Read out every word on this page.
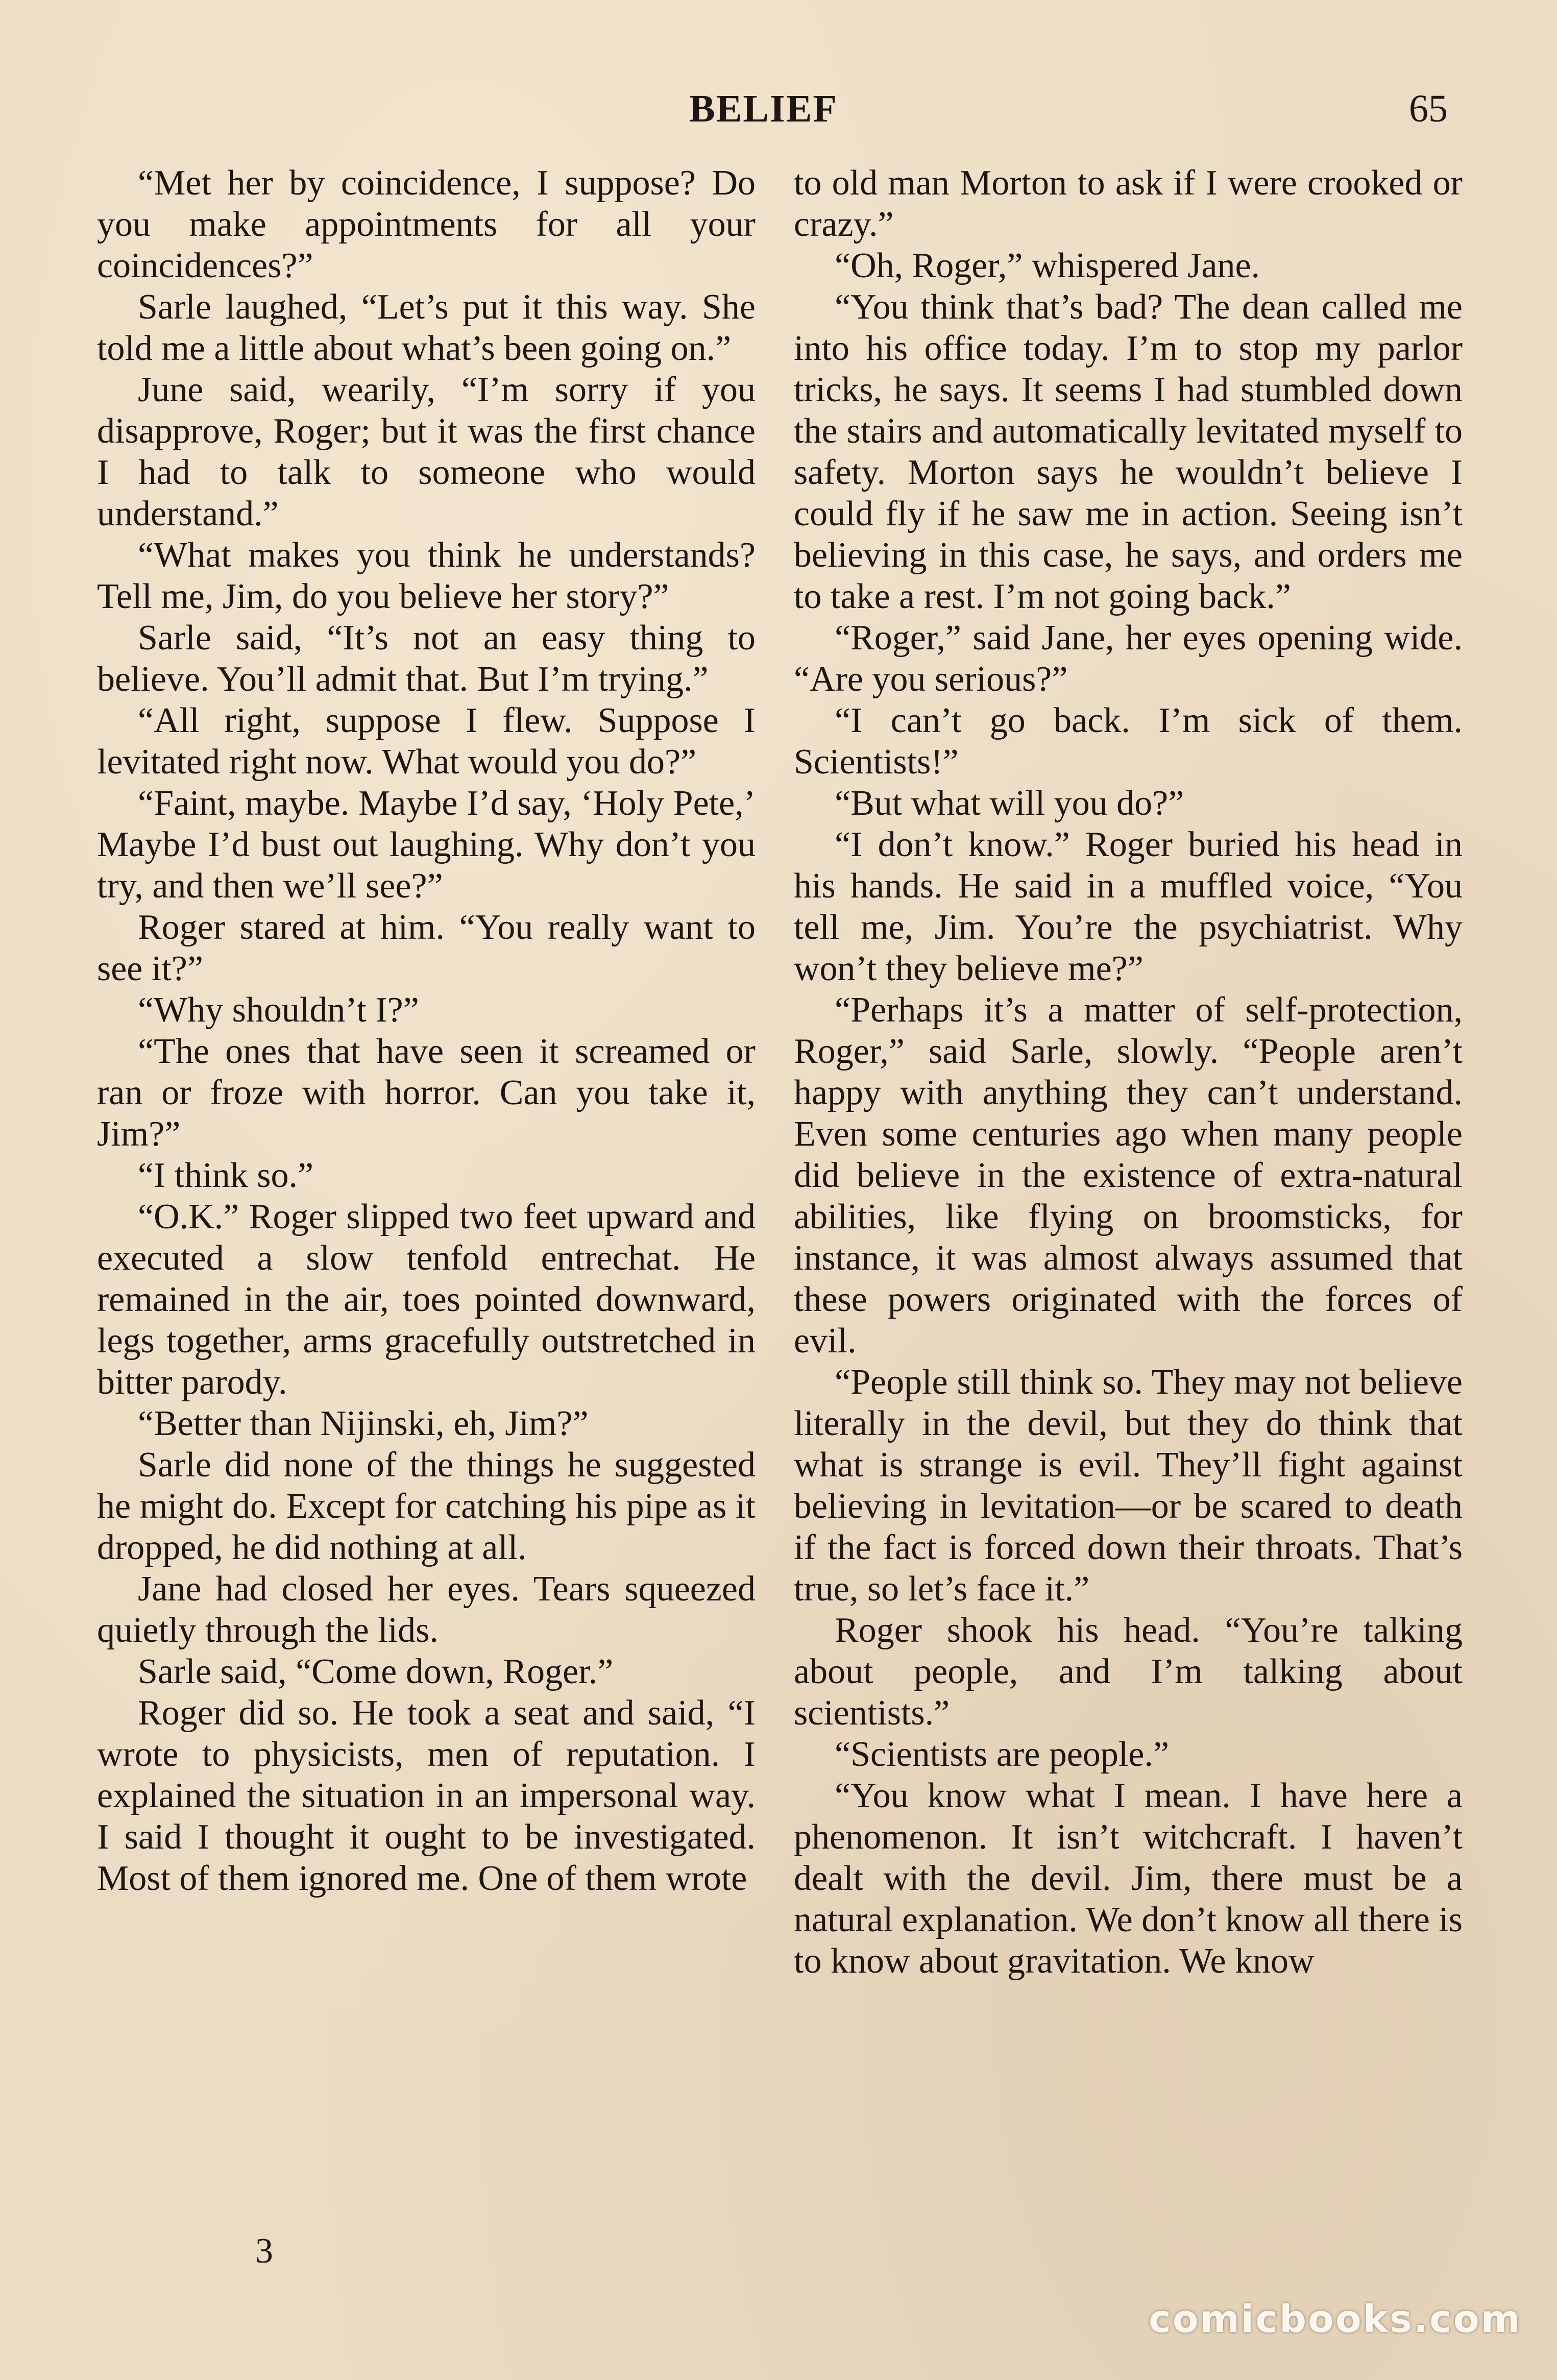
BELIEF	65

“Met her by coincidence, I suppose? Do you make appointments for all your coincidences?”

Sarle laughed, “Let’s put it this way. She told me a little about what’s been going on.”

June said, wearily, “I’m sorry if you disapprove, Roger; but it was the first chance I had to talk to someone who would understand.”

“What makes you think he understands? Tell me, Jim, do you believe her story?”

Sarle said, “It’s not an easy thing to believe. You’ll admit that. But I’m trying.”

“All right, suppose I flew. Suppose I levitated right now. What would you do?”

“Faint, maybe. Maybe I’d say, ‘Holy Pete,’ Maybe I’d bust out laughing. Why don’t you try, and then we’ll see?”

Roger stared at him. “You really want to see it?”

“Why shouldn’t I?”

“The ones that have seen it screamed or ran or froze with horror. Can you take it, Jim?”

“I think so.”

“O.K.” Roger slipped two feet upward and executed a slow tenfold entrechat. He remained in the air, toes pointed downward, legs together, arms gracefully outstretched in bitter parody.

“Better than Nijinski, eh, Jim?”

Sarle did none of the things he suggested he might do. Except for catching his pipe as it dropped, he did nothing at all.

Jane had closed her eyes. Tears squeezed quietly through the lids.

Sarle said, “Come down, Roger.”

Roger did so. He took a seat and said, “I wrote to physicists, men of reputation. I explained the situation in an impersonal way. I said I thought it ought to be investigated. Most of them ignored me. One of them wrote

to old man Morton to ask if I were crooked or crazy.”

“Oh, Roger,” whispered Jane.

“You think that’s bad? The dean called me into his office today. I’m to stop my parlor tricks, he says. It seems I had stumbled down the stairs and automatically levitated myself to safety. Morton says he wouldn’t believe I could fly if he saw me in action. Seeing isn’t believing in this case, he says, and orders me to take a rest. I’m not going back.”

“Roger,” said Jane, her eyes opening wide. “Are you serious?”

“I can’t go back. I’m sick of them. Scientists!”

“But what will you do?”

“I don’t know.” Roger buried his head in his hands. He said in a muffled voice, “You tell me, Jim. You’re the psychiatrist. Why won’t they believe me?”

“Perhaps it’s a matter of self-protection, Roger,” said Sarle, slowly. “People aren’t happy with anything they can’t understand. Even some centuries ago when many people did believe in the existence of extra-natural abilities, like flying on broomsticks, for instance, it was almost always assumed that these powers originated with the forces of evil.

“People still think so. They may not believe literally in the devil, but they do think that what is strange is evil. They’ll fight against believing in levitation—or be scared to death if the fact is forced down their throats. That’s true, so let’s face it.”

Roger shook his head. “You’re talking about people, and I’m talking about scientists.”

“Scientists are people.”

“You know what I mean. I have here a phenomenon. It isn’t witchcraft. I haven’t dealt with the devil. Jim, there must be a natural explanation. We don’t know all there is to know about gravitation. We know

3
comicbooks.com
